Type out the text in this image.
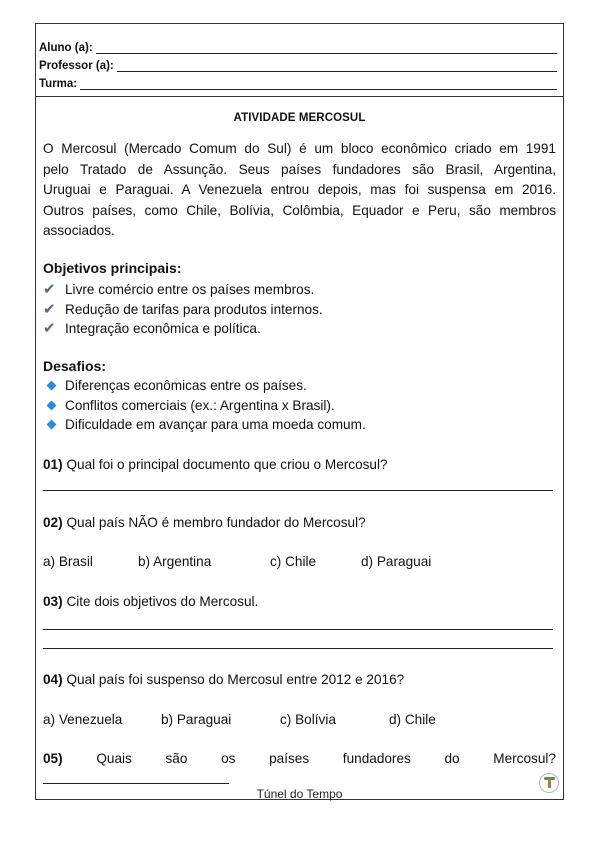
Aluno (a):
Professor (a):
Turma:
ATIVIDADE MERCOSUL
O Mercosul (Mercado Comum do Sul) é um bloco econômico criado em 1991
pelo Tratado de Assunção. Seus países fundadores são Brasil, Argentina,
Uruguai e Paraguai. A Venezuela entrou depois, mas foi suspensa em 2016.
Outros países, como Chile, Bolívia, Colômbia, Equador e Peru, são membros
associados.
Objetivos principais:
✔ Livre comércio entre os países membros.
✔ Redução de tarifas para produtos internos.
✔ Integração econômica e política.
Desafios:
Diferenças econômicas entre os países.
Conflitos comerciais (ex.: Argentina x Brasil).
Dificuldade em avançar para uma moeda comum.
01) Qual foi o principal documento que criou o Mercosul?
02) Qual país NÃO é membro fundador do Mercosul?
a) Brasil	b) Argentina	c) Chile	d) Paraguai
03) Cite dois objetivos do Mercosul.
04) Qual país foi suspenso do Mercosul entre 2012 e 2016?
a) Venezuela	b) Paraguai	c) Bolívia	d) Chile
05) Quais são os países fundadores do Mercosul?
Túnel do Tempo
